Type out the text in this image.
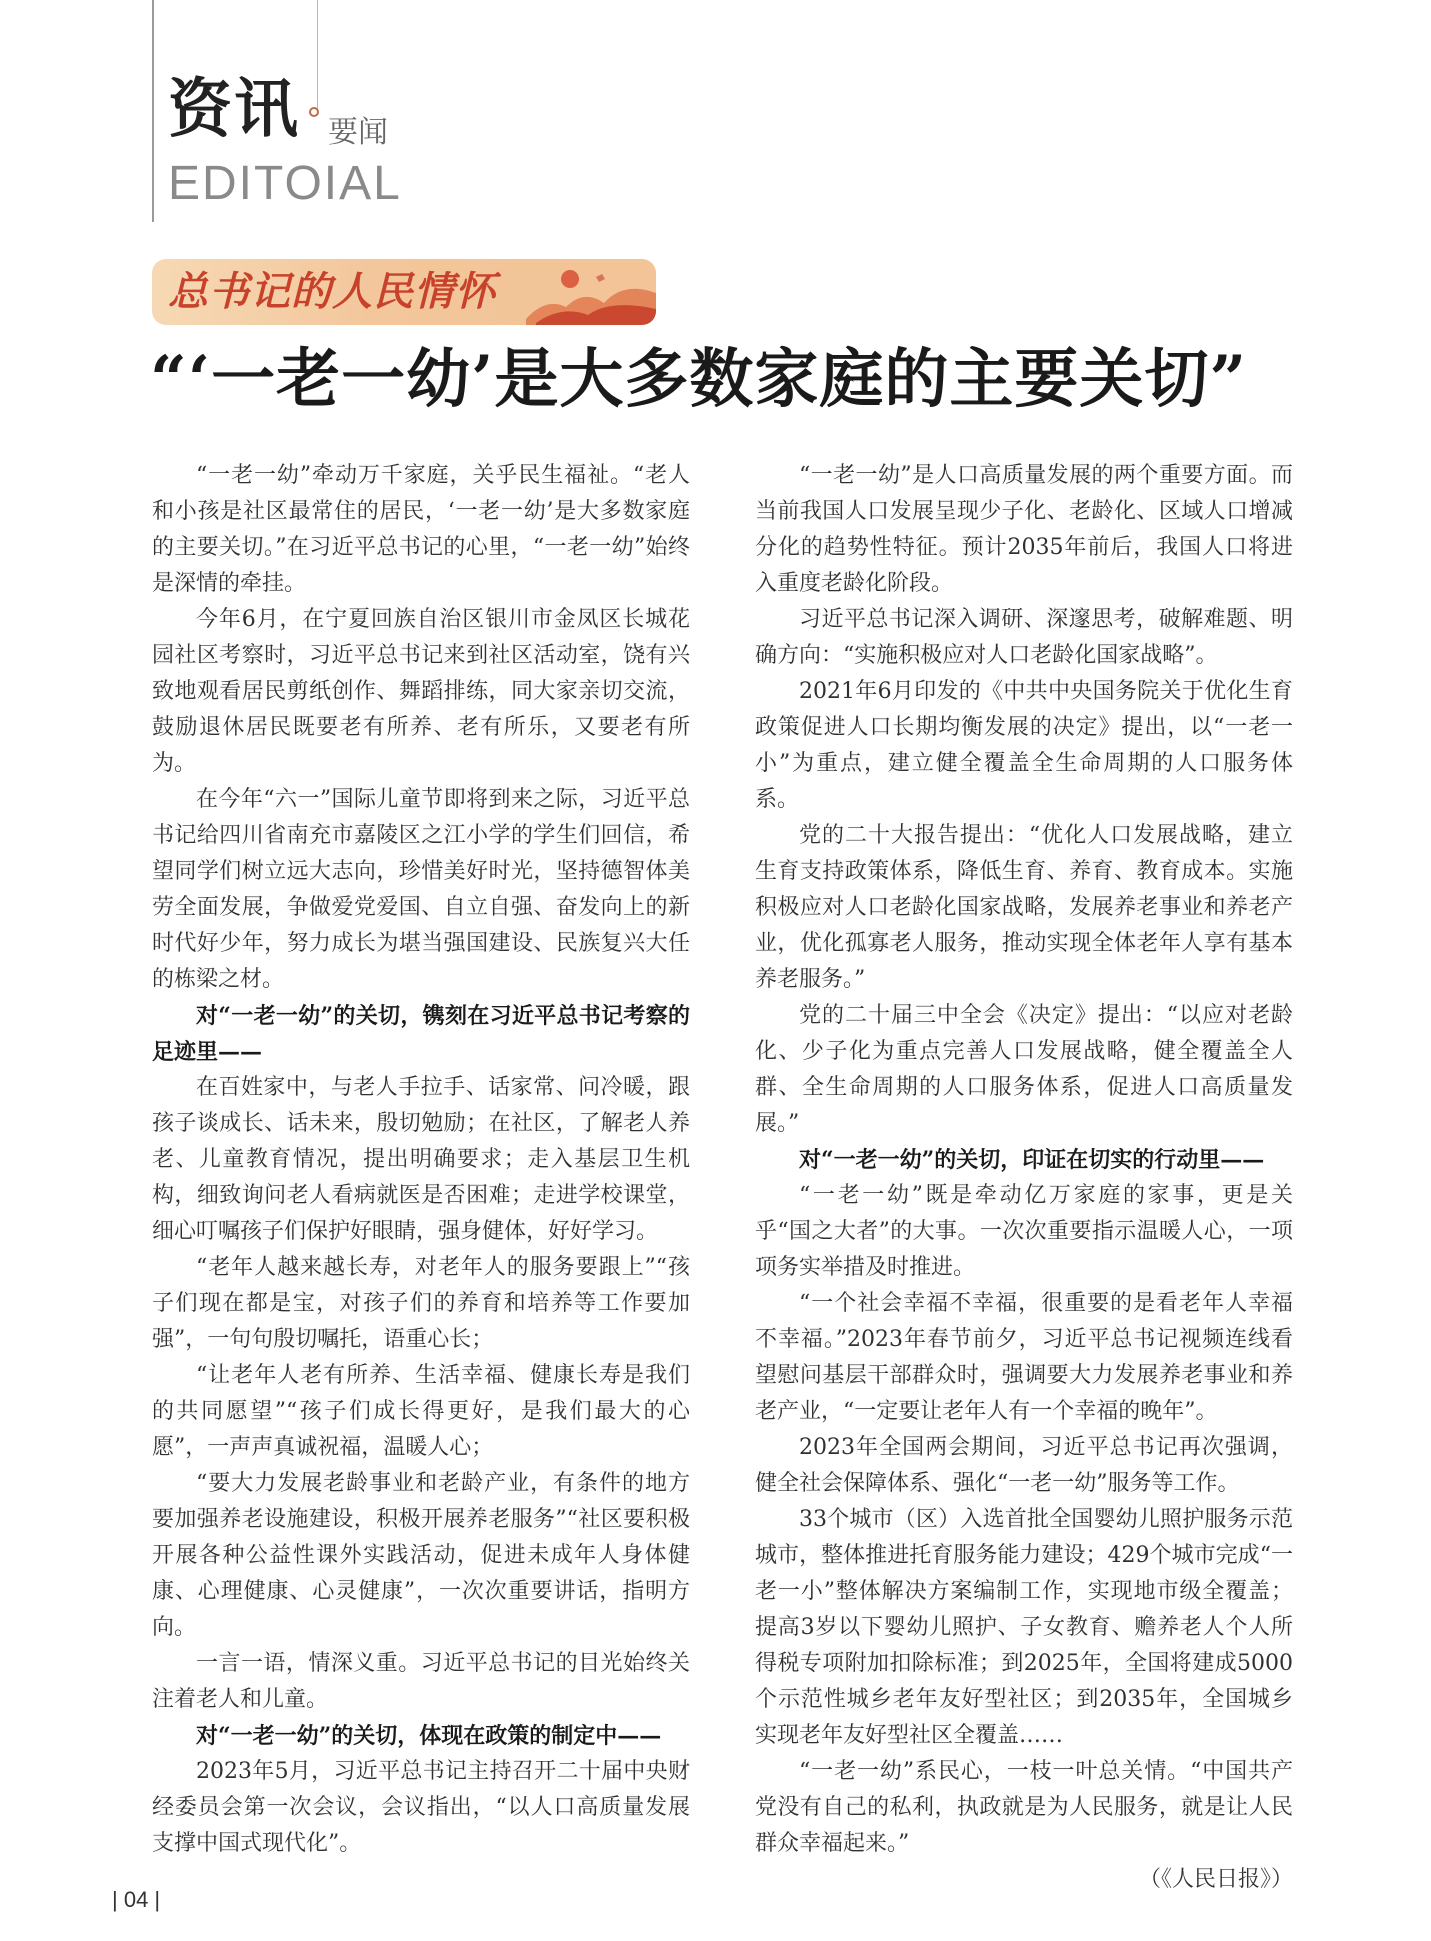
资讯 要闻
EDITOIAL
总书记的人民情怀
“‘一老一幼’是大多数家庭的主要关切”

“一老一幼”牵动万千家庭，关乎民生福祉。“老人和小孩是社区最常住的居民，‘一老一幼’是大多数家庭的主要关切。”在习近平总书记的心里，“一老一幼”始终是深情的牵挂。

今年6月，在宁夏回族自治区银川市金凤区长城花园社区考察时，习近平总书记来到社区活动室，饶有兴致地观看居民剪纸创作、舞蹈排练，同大家亲切交流，鼓励退休居民既要老有所养、老有所乐，又要老有所为。

在今年“六一”国际儿童节即将到来之际，习近平总书记给四川省南充市嘉陵区之江小学的学生们回信，希望同学们树立远大志向，珍惜美好时光，坚持德智体美劳全面发展，争做爱党爱国、自立自强、奋发向上的新时代好少年，努力成长为堪当强国建设、民族复兴大任的栋梁之材。

对“一老一幼”的关切，镌刻在习近平总书记考察的足迹里——

在百姓家中，与老人手拉手、话家常、问冷暖，跟孩子谈成长、话未来，殷切勉励；在社区，了解老人养老、儿童教育情况，提出明确要求；走入基层卫生机构，细致询问老人看病就医是否困难；走进学校课堂，细心叮嘱孩子们保护好眼睛，强身健体，好好学习。

“老年人越来越长寿，对老年人的服务要跟上”“孩子们现在都是宝，对孩子们的养育和培养等工作要加强”，一句句殷切嘱托，语重心长；

“让老年人老有所养、生活幸福、健康长寿是我们的共同愿望”“孩子们成长得更好，是我们最大的心愿”，一声声真诚祝福，温暖人心；

“要大力发展老龄事业和老龄产业，有条件的地方要加强养老设施建设，积极开展养老服务”“社区要积极开展各种公益性课外实践活动，促进未成年人身体健康、心理健康、心灵健康”，一次次重要讲话，指明方向。

一言一语，情深义重。习近平总书记的目光始终关注着老人和儿童。

对“一老一幼”的关切，体现在政策的制定中——

2023年5月，习近平总书记主持召开二十届中央财经委员会第一次会议，会议指出，“以人口高质量发展支撑中国式现代化”。

“一老一幼”是人口高质量发展的两个重要方面。而当前我国人口发展呈现少子化、老龄化、区域人口增减分化的趋势性特征。预计2035年前后，我国人口将进入重度老龄化阶段。

习近平总书记深入调研、深邃思考，破解难题、明确方向：“实施积极应对人口老龄化国家战略”。

2021年6月印发的《中共中央国务院关于优化生育政策促进人口长期均衡发展的决定》提出，以“一老一小”为重点，建立健全覆盖全生命周期的人口服务体系。

党的二十大报告提出：“优化人口发展战略，建立生育支持政策体系，降低生育、养育、教育成本。实施积极应对人口老龄化国家战略，发展养老事业和养老产业，优化孤寡老人服务，推动实现全体老年人享有基本养老服务。”

党的二十届三中全会《决定》提出：“以应对老龄化、少子化为重点完善人口发展战略，健全覆盖全人群、全生命周期的人口服务体系，促进人口高质量发展。”

对“一老一幼”的关切，印证在切实的行动里——

“一老一幼”既是牵动亿万家庭的家事，更是关乎“国之大者”的大事。一次次重要指示温暖人心，一项项务实举措及时推进。

“一个社会幸福不幸福，很重要的是看老年人幸福不幸福。”2023年春节前夕，习近平总书记视频连线看望慰问基层干部群众时，强调要大力发展养老事业和养老产业，“一定要让老年人有一个幸福的晚年”。

2023年全国两会期间，习近平总书记再次强调，健全社会保障体系、强化“一老一幼”服务等工作。

33个城市（区）入选首批全国婴幼儿照护服务示范城市，整体推进托育服务能力建设；429个城市完成“一老一小”整体解决方案编制工作，实现地市级全覆盖；提高3岁以下婴幼儿照护、子女教育、赡养老人个人所得税专项附加扣除标准；到2025年，全国将建成5000个示范性城乡老年友好型社区；到2035年，全国城乡实现老年友好型社区全覆盖……

“一老一幼”系民心，一枝一叶总关情。“中国共产党没有自己的私利，执政就是为人民服务，就是让人民群众幸福起来。”

（《人民日报》）

| 04 |
